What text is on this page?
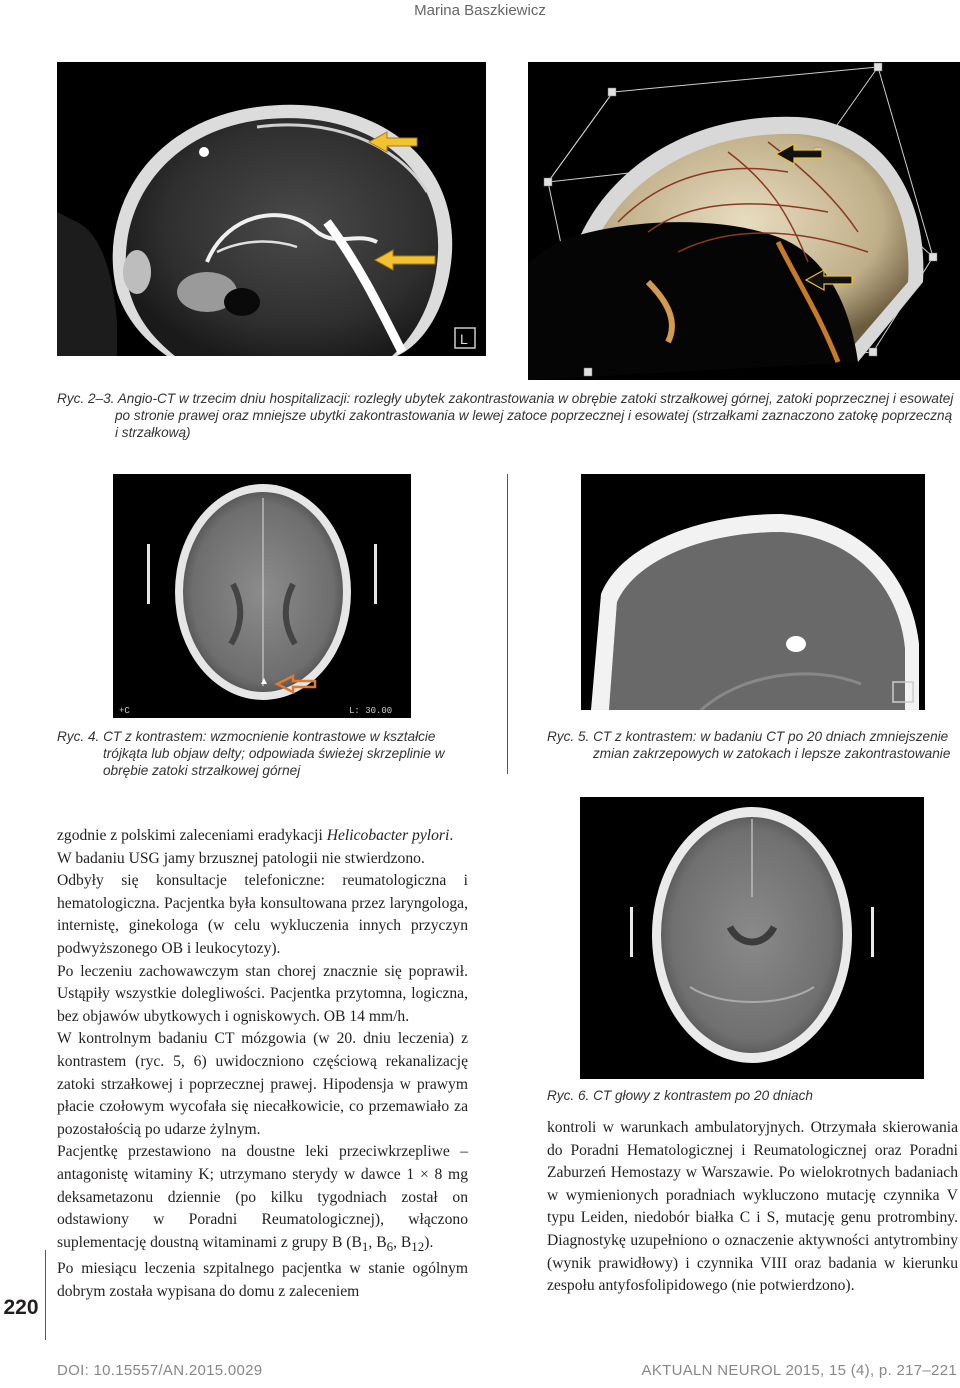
Marina Baszkiewicz
L
Ryc. 2–3. Angio-CT w trzecim dniu hospitalizacji: rozległy ubytek zakontrastowania w obrębie zatoki strzałkowej górnej, zatoki poprzecznej i esowatej po stronie prawej oraz mniejsze ubytki zakontrastowania w lewej zatoce poprzecznej i esowatej (strzałkami zaznaczono zatokę poprzeczną i strzałkową)
+C	L: 30.00
Ryc. 4. CT z kontrastem: wzmocnienie kontrastowe w kształcie trójkąta lub objaw delty; odpowiada świeżej skrzeplinie w obrębie zatoki strzałkowej górnej
Ryc. 5. CT z kontrastem: w badaniu CT po 20 dniach zmniejszenie zmian zakrzepowych w zatokach i lepsze zakontrastowanie
Ryc. 6. CT głowy z kontrastem po 20 dniach

zgodnie z polskimi zaleceniami eradykacji Helicobacter pylori.

W badaniu USG jamy brzusznej patologii nie stwierdzono.

Odbyły się konsultacje telefoniczne: reumatologiczna i hematologiczna. Pacjentka była konsultowana przez laryngologa, internistę, ginekologa (w celu wykluczenia innych przyczyn podwyższonego OB i leukocytozy).

Po leczeniu zachowawczym stan chorej znacznie się poprawił. Ustąpiły wszystkie dolegliwości. Pacjentka przytomna, logiczna, bez objawów ubytkowych i ogniskowych. OB 14 mm/h.

W kontrolnym badaniu CT mózgowia (w 20. dniu leczenia) z kontrastem (ryc. 5, 6) uwidoczniono częściową rekanalizację zatoki strzałkowej i poprzecznej prawej. Hipodensja w prawym płacie czołowym wycofała się niecałkowicie, co przemawiało za pozostałością po udarze żylnym.

Pacjentkę przestawiono na doustne leki przeciwkrzepliwe – antagonistę witaminy K; utrzymano sterydy w dawce 1 × 8 mg deksametazonu dziennie (po kilku tygodniach został on odstawiony w Poradni Reumatologicznej), włączono suplementację doustną witaminami z grupy B ($B_1$, $B_6$, $B_{12}$).

Po miesiącu leczenia szpitalnego pacjentka w stanie ogólnym dobrym została wypisana do domu z zaleceniem

kontroli w warunkach ambulatoryjnych. Otrzymała skierowania do Poradni Hematologicznej i Reumatologicznej oraz Poradni Zaburzeń Hemostazy w Warszawie. Po wielokrotnych badaniach w wymienionych poradniach wykluczono mutację czynnika V typu Leiden, niedobór białka C i S, mutację genu protrombiny. Diagnostykę uzupełniono o oznaczenie aktywności antytrombiny (wynik prawidłowy) i czynnika VIII oraz badania w kierunku zespołu antyfosfolipidowego (nie potwierdzono).

220
DOI: 10.15557/AN.2015.0029	AKTUALN NEUROL 2015, 15 (4), p. 217–221
